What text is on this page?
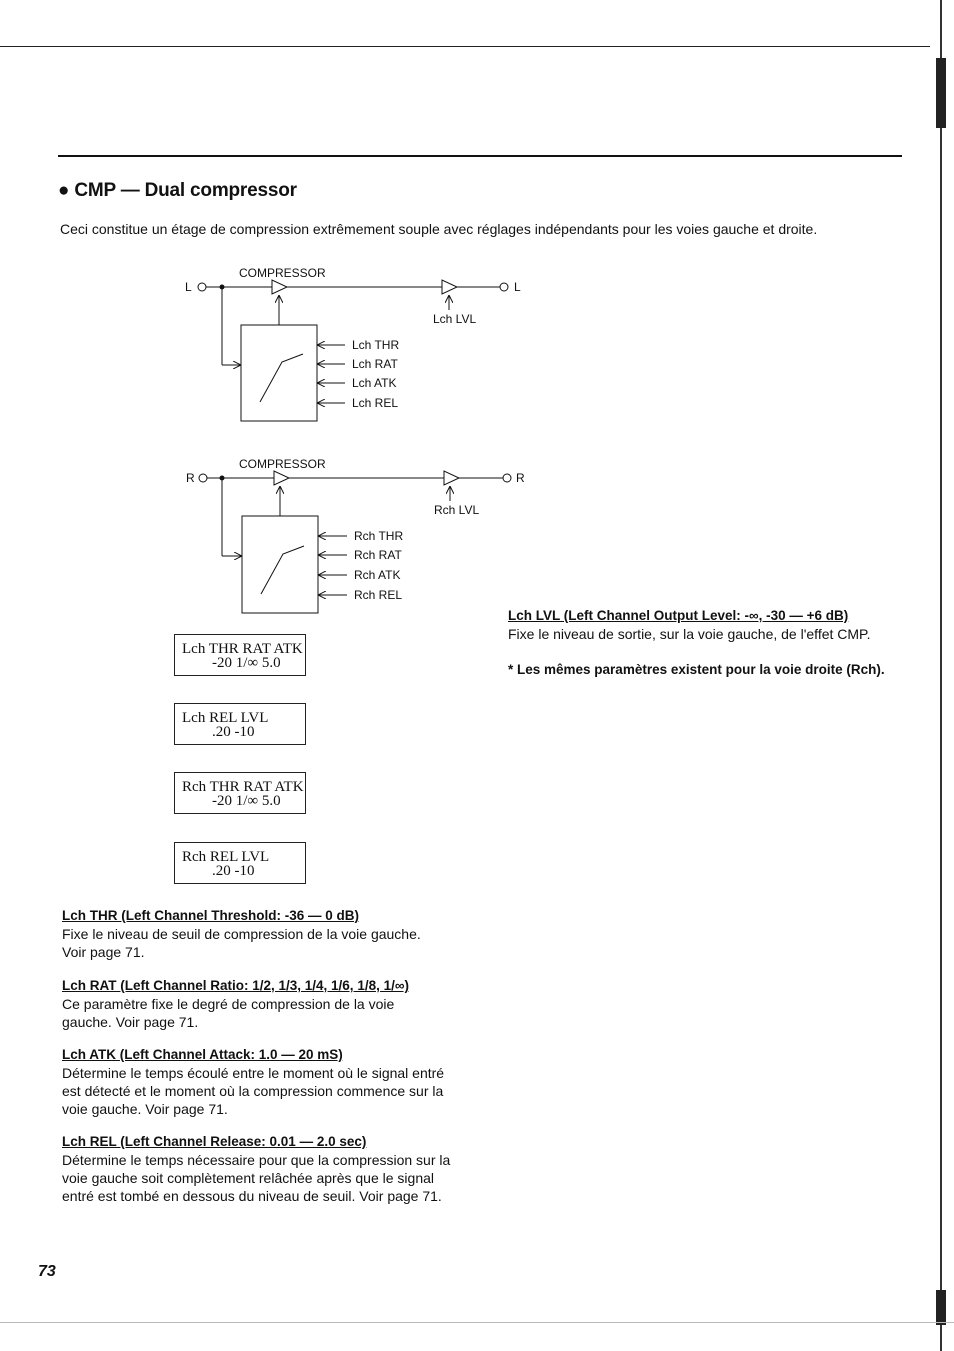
● CMP — Dual compressor
Ceci constitue un étage de compression extrêmement souple avec réglages indépendants pour les voies gauche et droite.
COMPRESSOR
L	L
Lch LVL
Lch THR
Lch RAT
Lch ATK
Lch REL
COMPRESSOR
R	R
Rch LVL
Rch THR
Rch RAT
Rch ATK
Rch REL
Lch THR RAT ATK
-20 1/∞ 5.0
Lch REL LVL
.20 -10
Rch THR RAT ATK
-20 1/∞ 5.0
Rch REL LVL
.20 -10
Lch THR (Left Channel Threshold: -36 — 0 dB)

Fixe le niveau de seuil de compression de la voie gauche. Voir page 71.

Lch RAT (Left Channel Ratio: 1/2, 1/3, 1/4, 1/6, 1/8, 1/∞)

Ce paramètre fixe le degré de compression de la voie gauche. Voir page 71.

Lch ATK (Left Channel Attack: 1.0 — 20 mS)

Détermine le temps écoulé entre le moment où le signal entré est détecté et le moment où la compression commence sur la voie gauche. Voir page 71.

Lch REL (Left Channel Release: 0.01 — 2.0 sec)

Détermine le temps nécessaire pour que la compression sur la voie gauche soit complètement relâchée après que le signal entré est tombé en dessous du niveau de seuil. Voir page 71.

Lch LVL (Left Channel Output Level: -∞, -30 — +6 dB)

Fixe le niveau de sortie, sur la voie gauche, de l'effet CMP.

* Les mêmes paramètres existent pour la voie droite (Rch).
73
